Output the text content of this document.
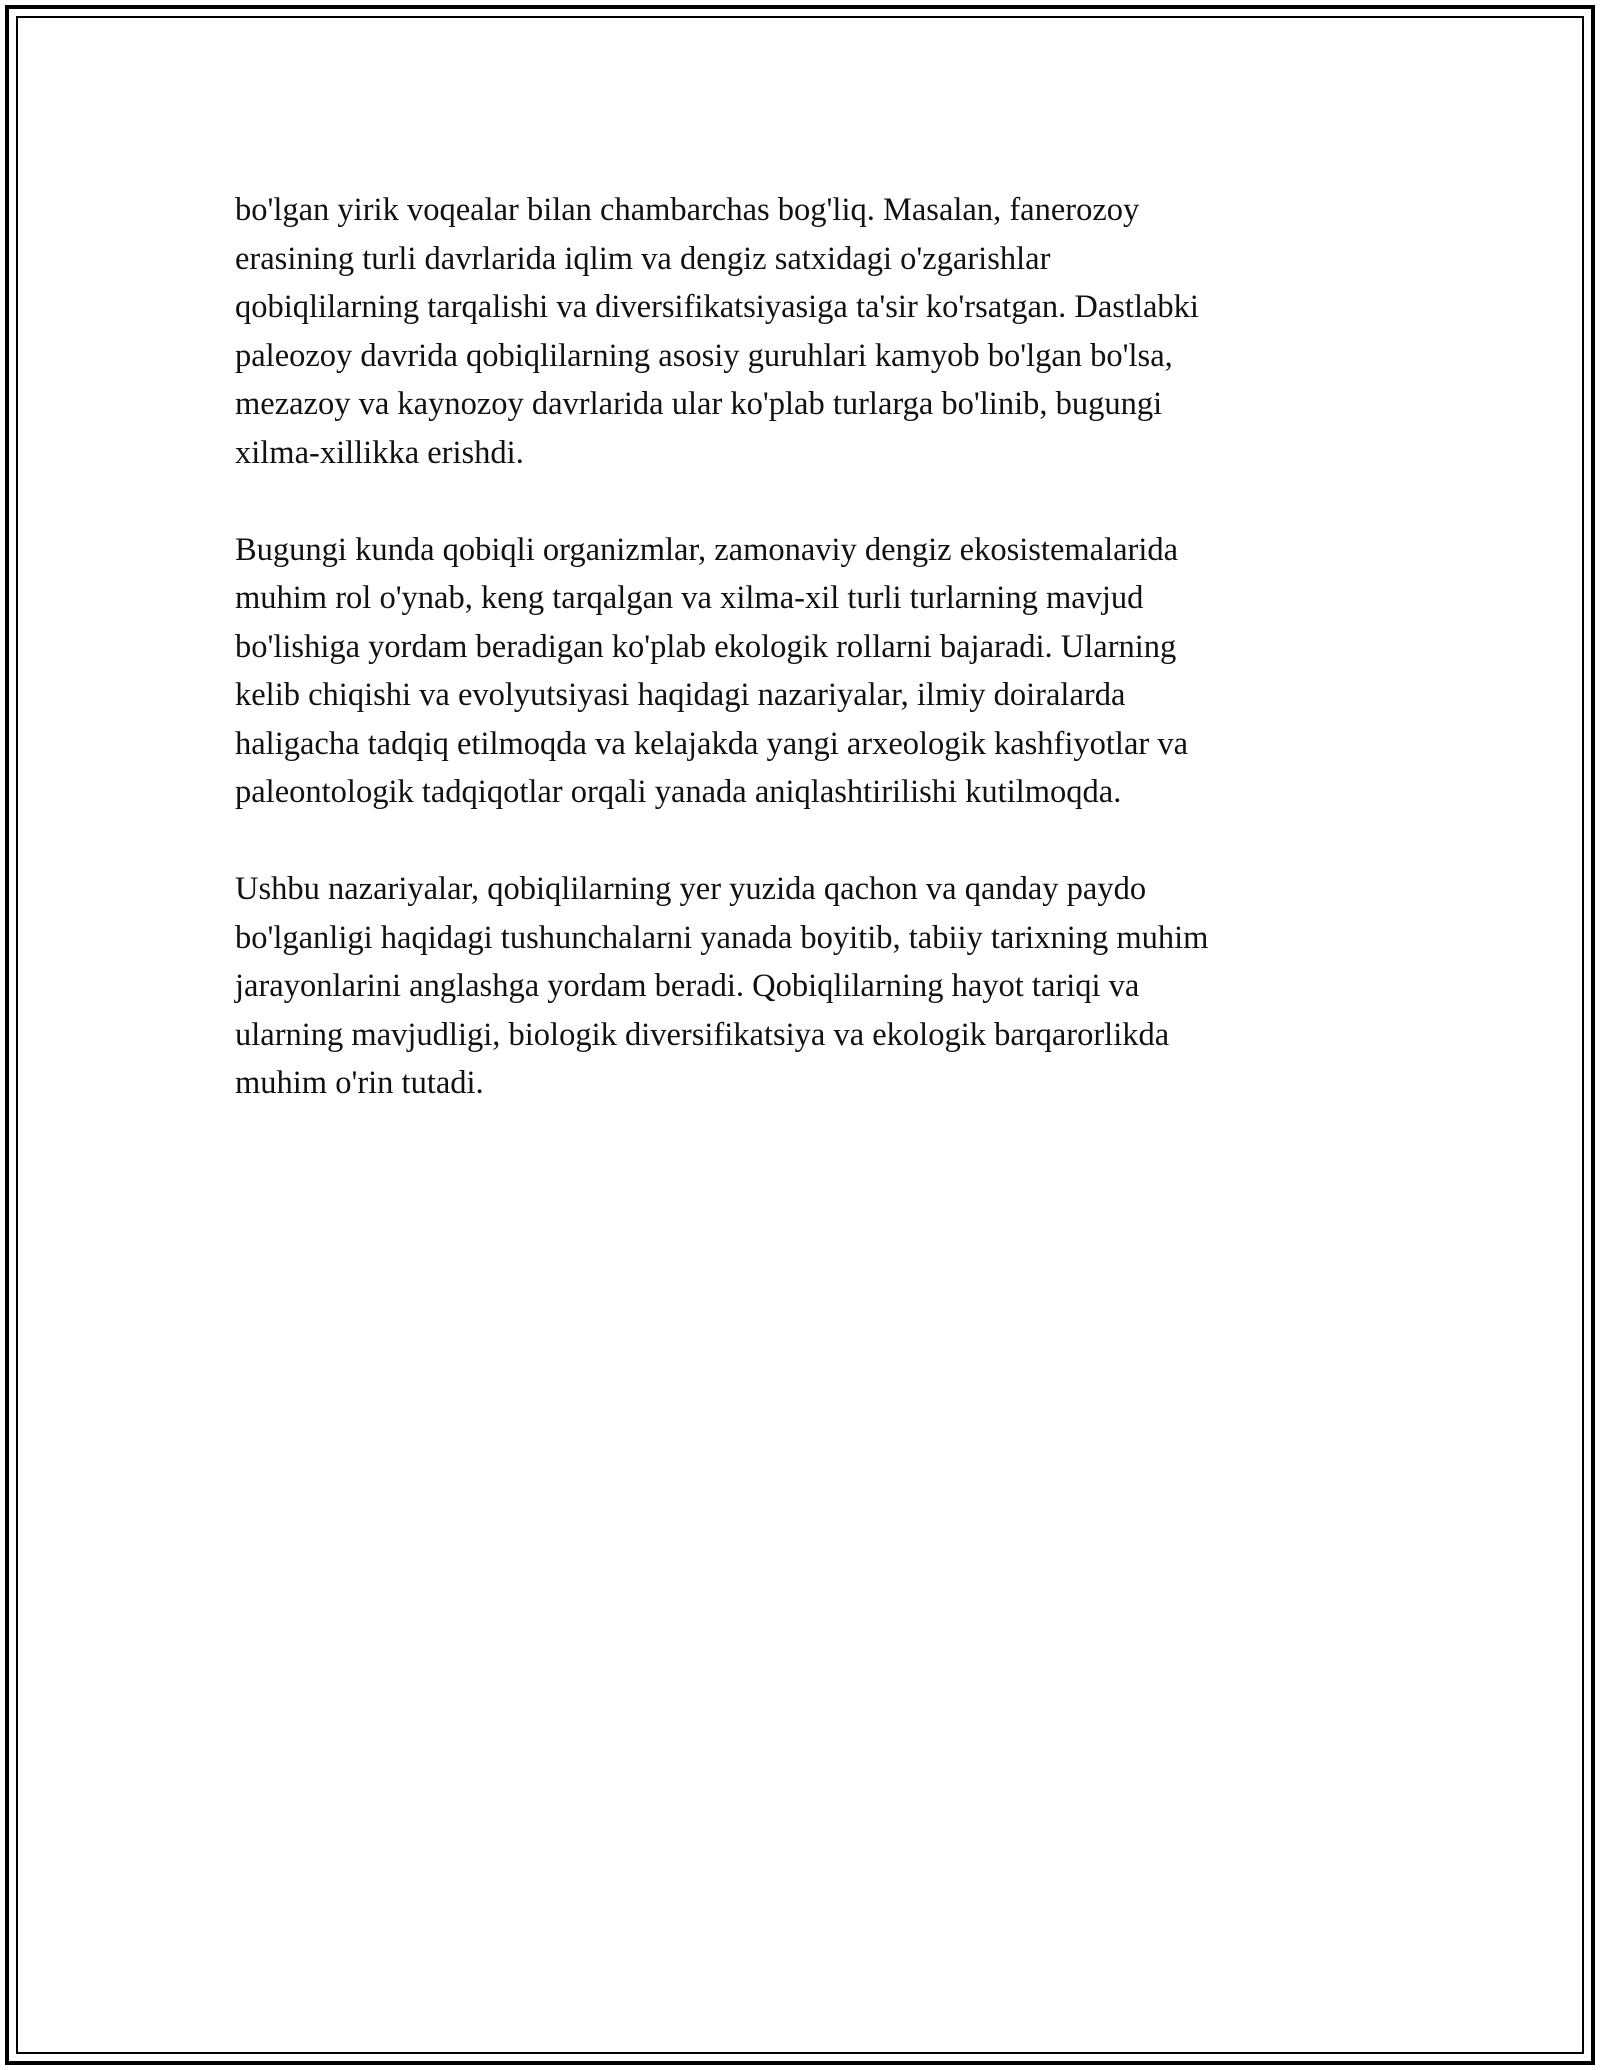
bo'lgan yirik voqealar bilan chambarchas bog'liq. Masalan, fanerozoy
erasining turli davrlarida iqlim va dengiz satxidagi o'zgarishlar
qobiqlilarning tarqalishi va diversifikatsiyasiga ta'sir ko'rsatgan. Dastlabki
paleozoy davrida qobiqlilarning asosiy guruhlari kamyob bo'lgan bo'lsa,
mezazoy va kaynozoy davrlarida ular ko'plab turlarga bo'linib, bugungi
xilma-xillikka erishdi.

Bugungi kunda qobiqli organizmlar, zamonaviy dengiz ekosistemalarida
muhim rol o'ynab, keng tarqalgan va xilma-xil turli turlarning mavjud
bo'lishiga yordam beradigan ko'plab ekologik rollarni bajaradi. Ularning
kelib chiqishi va evolyutsiyasi haqidagi nazariyalar, ilmiy doiralarda
haligacha tadqiq etilmoqda va kelajakda yangi arxeologik kashfiyotlar va
paleontologik tadqiqotlar orqali yanada aniqlashtirilishi kutilmoqda.

Ushbu nazariyalar, qobiqlilarning yer yuzida qachon va qanday paydo
bo'lganligi haqidagi tushunchalarni yanada boyitib, tabiiy tarixning muhim
jarayonlarini anglashga yordam beradi. Qobiqlilarning hayot tariqi va
ularning mavjudligi, biologik diversifikatsiya va ekologik barqarorlikda
muhim o'rin tutadi.
